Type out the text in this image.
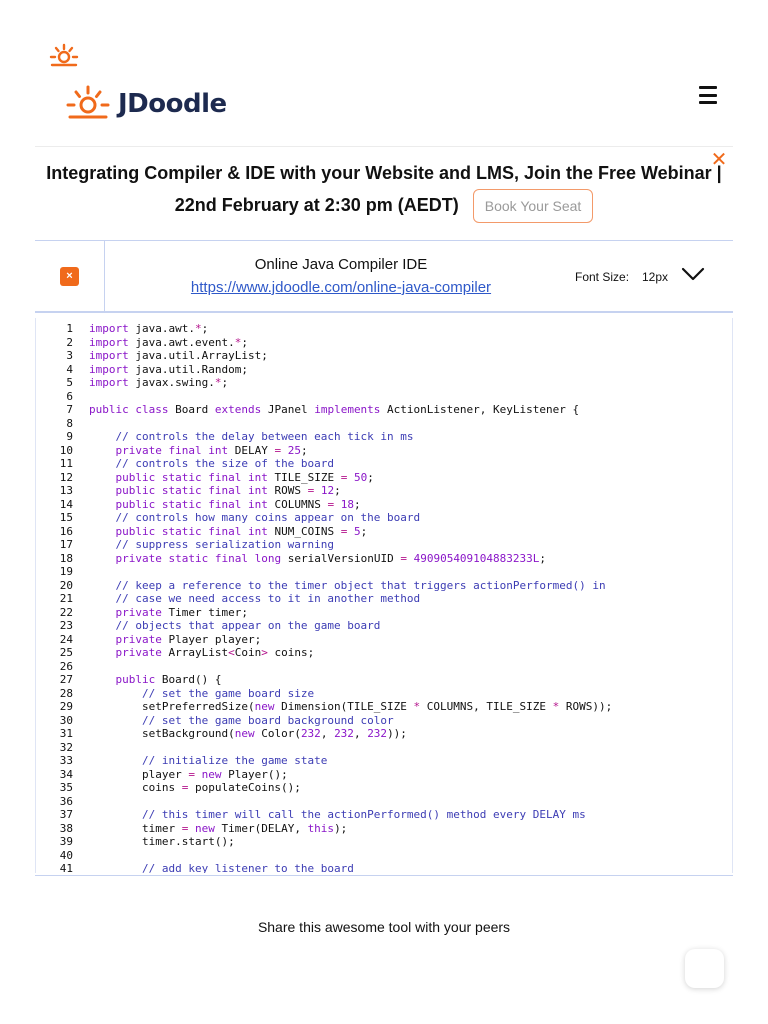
JDoodle
✕
Integrating Compiler & IDE with your Website and LMS, Join the Free Webinar |
22nd February at 2:30 pm (AEDT) Book Your Seat
×
Online Java Compiler IDE
https://www.jdoodle.com/online-java-compiler
Font Size: 12px
1 import java.awt.*;
2 import java.awt.event.*;
3 import java.util.ArrayList;
4 import java.util.Random;
5 import javax.swing.*;
6
7 public class Board extends JPanel implements ActionListener, KeyListener {
8
9	// controls the delay between each tick in ms
10	private final int DELAY = 25;
11	// controls the size of the board
12	public static final int TILE_SIZE = 50;
13	public static final int ROWS = 12;
14	public static final int COLUMNS = 18;
15	// controls how many coins appear on the board
16	public static final int NUM_COINS = 5;
17	// suppress serialization warning
18	private static final long serialVersionUID = 490905409104883233L;
19
20	// keep a reference to the timer object that triggers actionPerformed() in
21	// case we need access to it in another method
22	private Timer timer;
23	// objects that appear on the game board
24	private Player player;
25	private ArrayList<Coin> coins;
26
27	public Board() {
28	// set the game board size
29 setPreferredSize(new Dimension(TILE_SIZE * COLUMNS, TILE_SIZE * ROWS));
30	// set the game board background color
31 setBackground(new Color(232, 232, 232));
32
33	// initialize the game state
34 player = new Player();
35 coins = populateCoins();
36
37	// this timer will call the actionPerformed() method every DELAY ms
38 timer = new Timer(DELAY, this);
39 timer.start();
40
41	// add key listener to the board
Share this awesome tool with your peers
